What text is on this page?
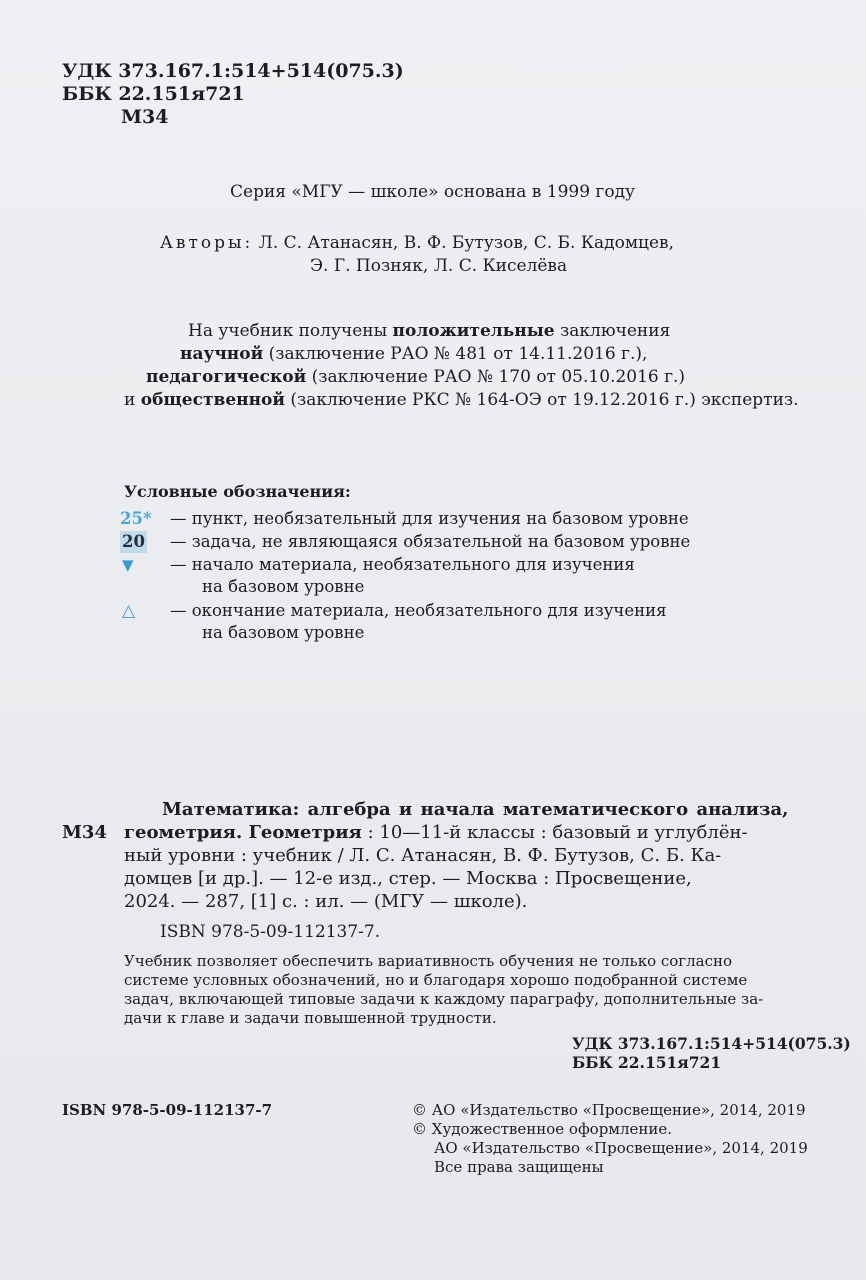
УДК 373.167.1:514+514(075.3)
ББК 22.151я721
М34
Серия «МГУ — школе» основана в 1999 году
Авторы: Л. С. Атанасян, В. Ф. Бутузов, С. Б. Кадомцев,
Э. Г. Позняк, Л. С. Киселёва
На учебник получены положительные заключения
научной (заключение РАО № 481 от 14.11.2016 г.),
педагогической (заключение РАО № 170 от 05.10.2016 г.)
и общественной (заключение РКС № 164-ОЭ от 19.12.2016 г.) экспертиз.
Условные обозначения:
25* — пункт, необязательный для изучения на базовом уровне
20 — задача, не являющаяся обязательной на базовом уровне
▼ — начало материала, необязательного для изучения
на базовом уровне
△ — окончание материала, необязательного для изучения
на базовом уровне
М34
Математика: алгебра и начала математического анализа,
геометрия. Геометрия : 10—11-й классы : базовый и углублён-
ный уровни : учебник / Л. С. Атанасян, В. Ф. Бутузов, С. Б. Ка-
домцев [и др.]. — 12-е изд., стер. — Москва : Просвещение,
2024. — 287, [1] с. : ил. — (МГУ — школе).
ISBN 978-5-09-112137-7.
Учебник позволяет обеспечить вариативность обучения не только согласно
системе условных обозначений, но и благодаря хорошо подобранной системе
задач, включающей типовые задачи к каждому параграфу, дополнительные за-
дачи к главе и задачи повышенной трудности.
УДК 373.167.1:514+514(075.3)
ББК 22.151я721
ISBN 978-5-09-112137-7	© АО «Издательство «Просвещение», 2014, 2019
© Художественное оформление.
АО «Издательство «Просвещение», 2014, 2019
Все права защищены
